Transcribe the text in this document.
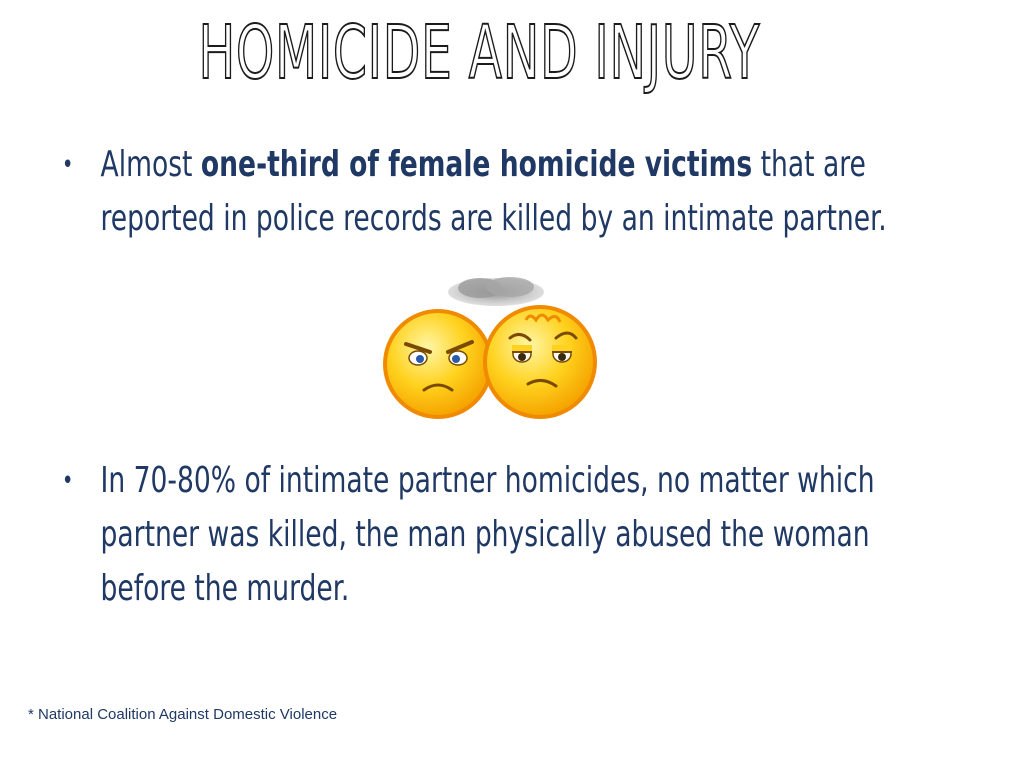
HOMICIDE AND INJURY
• Almost one-third of female homicide victims that are reported in police records are killed by an intimate partner.
• In 70-80% of intimate partner homicides, no matter which partner was killed, the man physically abused the woman before the murder.
* National Coalition Against Domestic Violence
